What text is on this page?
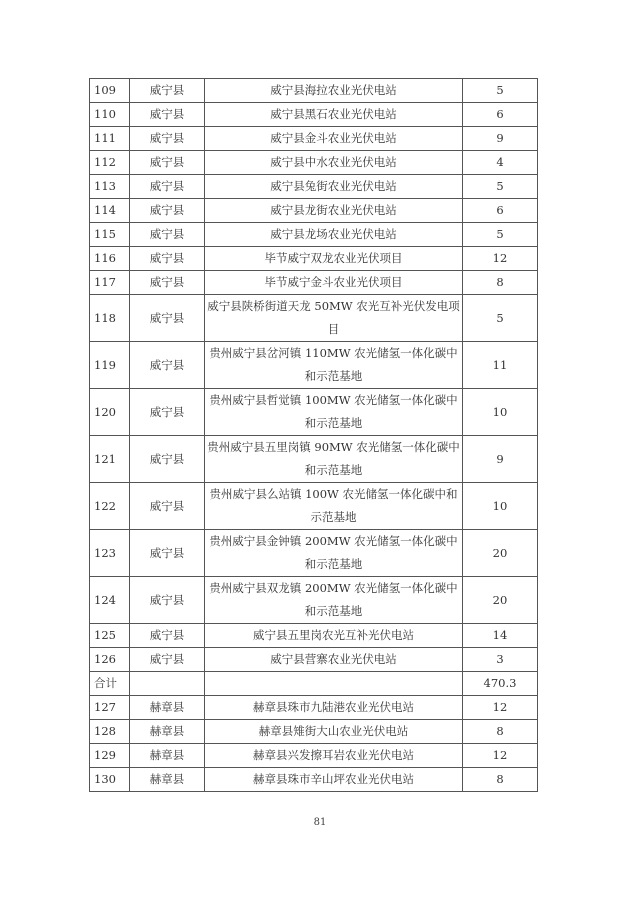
109	威宁县	威宁县海拉农业光伏电站	5
110	威宁县	威宁县黑石农业光伏电站	6
111	威宁县	威宁县金斗农业光伏电站	9
112	威宁县	威宁县中水农业光伏电站	4
113	威宁县	威宁县兔街农业光伏电站	5
114	威宁县	威宁县龙街农业光伏电站	6
115	威宁县	威宁县龙场农业光伏电站	5
116	威宁县	毕节威宁双龙农业光伏项目	12
117	威宁县	毕节威宁金斗农业光伏项目	8
118	威宁县	威宁县陕桥街道天龙 50MW 农光互补光伏发电项目	5
119	威宁县	贵州威宁县岔河镇 110MW 农光储氢一体化碳中和示范基地	11
120	威宁县	贵州威宁县哲觉镇 100MW 农光储氢一体化碳中和示范基地	10
121	威宁县	贵州威宁县五里岗镇 90MW 农光储氢一体化碳中和示范基地	9
122	威宁县	贵州威宁县么站镇 100W 农光储氢一体化碳中和示范基地	10
123	威宁县	贵州威宁县金钟镇 200MW 农光储氢一体化碳中和示范基地	20
124	威宁县	贵州威宁县双龙镇 200MW 农光储氢一体化碳中和示范基地	20
125	威宁县	威宁县五里岗农光互补光伏电站	14
126	威宁县	威宁县营寨农业光伏电站	3
合计			470.3
127	赫章县	赫章县珠市九陆港农业光伏电站	12
128	赫章县	赫章县雉街大山农业光伏电站	8
129	赫章县	赫章县兴发擦耳岩农业光伏电站	12
130	赫章县	赫章县珠市辛山坪农业光伏电站	8
81
